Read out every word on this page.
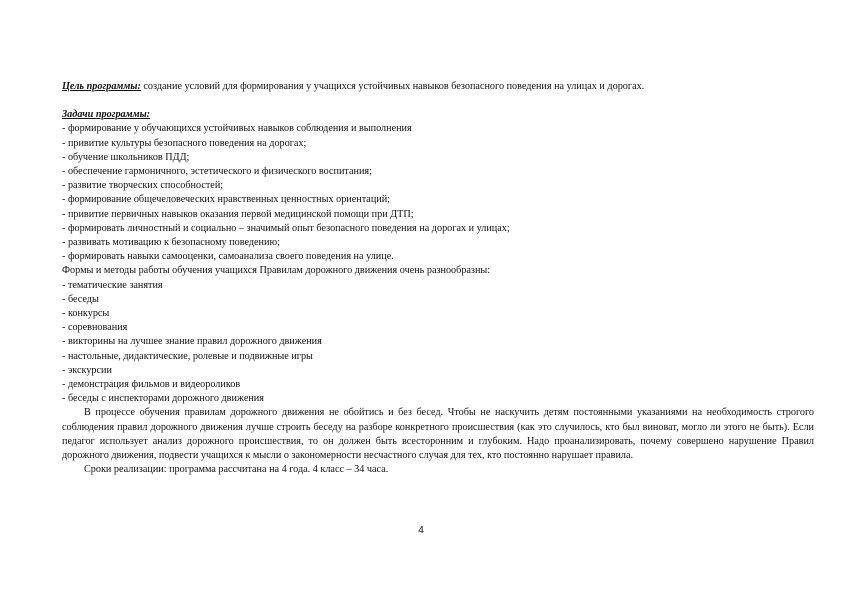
Цель программы: создание условий для формирования у учащихся устойчивых навыков безопасного поведения на улицах и дорогах.

Задачи программы:

- формирование у обучающихся устойчивых навыков соблюдения и выполнения
- привитие культуры безопасного поведения на дорогах;
- обучение школьников ПДД;
- обеспечение гармоничного, эстетического и физического воспитания;
- развитие творческих способностей;
- формирование общечеловеческих нравственных ценностных ориентаций;
- привитие первичных навыков оказания первой медицинской помощи при ДТП;
- формировать личностный и социально – значимый опыт безопасного поведения на дорогах и улицах;
- развивать мотивацию к безопасному поведению;
- формировать навыки самооценки, самоанализа своего поведения на улице.

Формы и методы работы обучения учащихся Правилам дорожного движения очень разнообразны:

- тематические занятия
- беседы
- конкурсы
- соревнования
- викторины на лучшее знание правил дорожного движения
- настольные, дидактические, ролевые и подвижные игры
- экскурсии
- демонстрация фильмов и видеороликов
- беседы с инспекторами дорожного движения

В процессе обучения правилам дорожного движения не обойтись и без бесед. Чтобы не наскучить детям постоянными указаниями на необходимость строгого соблюдения правил дорожного движения лучше строить беседу на разборе конкретного происшествия (как это случилось, кто был виноват, могло ли этого не быть). Если педагог использует анализ дорожного происшествия, то он должен быть всесторонним и глубоким. Надо проанализировать, почему совершено нарушение Правил дорожного движения, подвести учащихся к мысли о закономерности несчастного случая для тех, кто постоянно нарушает правила.

Сроки реализации: программа рассчитана на 4 года. 4 класс – 34 часа.

4
